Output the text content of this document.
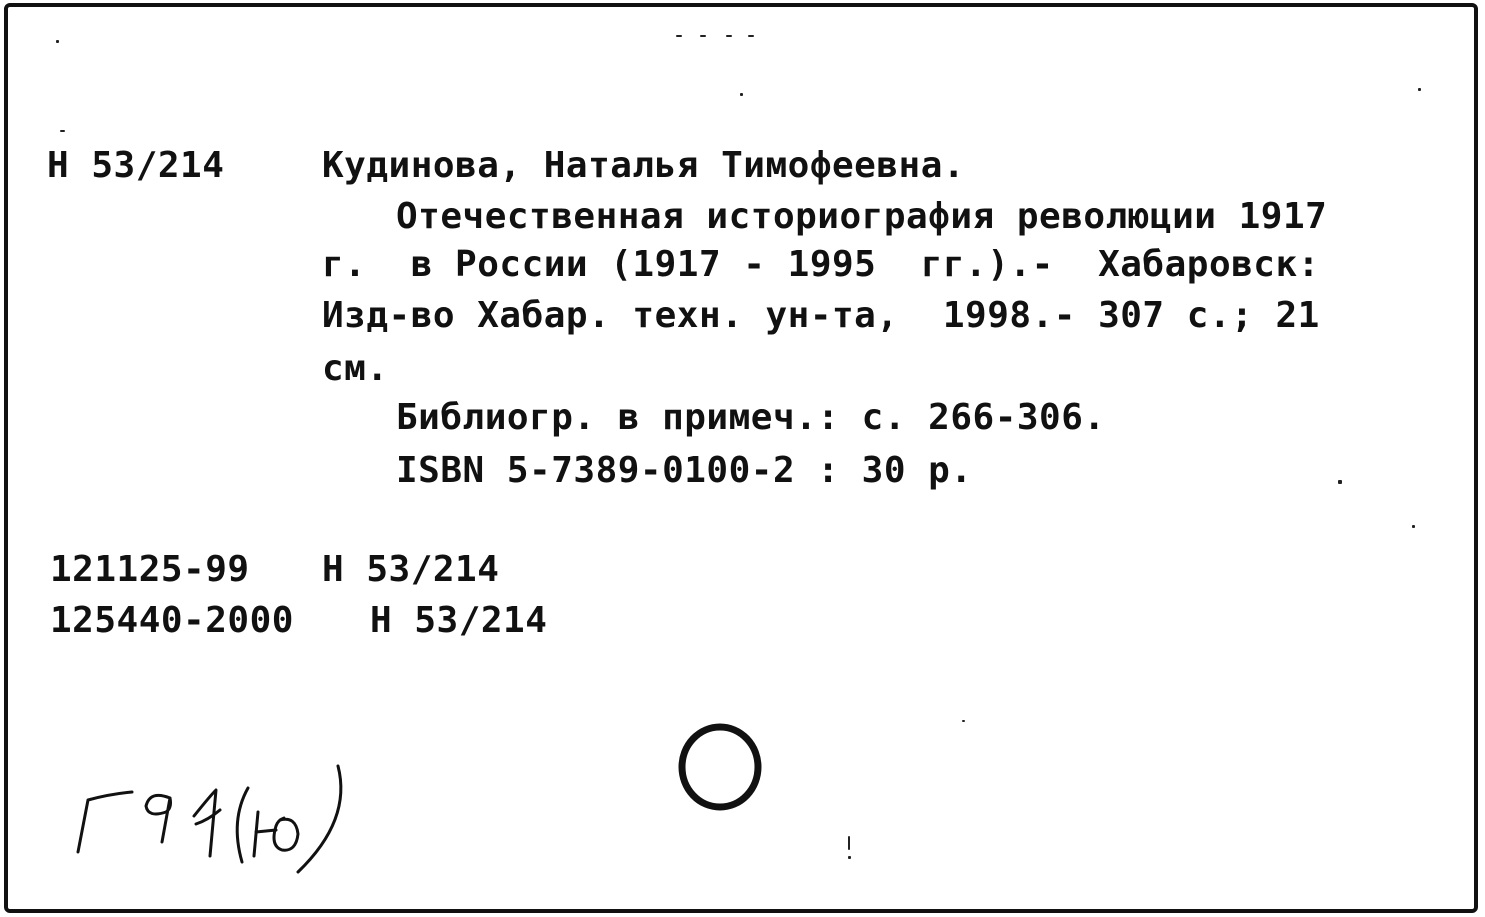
Н 53/214	Кудинова, Наталья Тимофеевна.
Отечественная историография революции 1917
г.  в России (1917 - 1995  гг.).-  Хабаровск:
Изд-во Хабар. техн. ун-та,  1998.- 307 с.; 21
см.
Библиогр. в примеч.: с. 266-306.
ISBN 5-7389-0100-2 : 30 р.
121125-99 Н 53/214
125440-2000 Н 53/214
